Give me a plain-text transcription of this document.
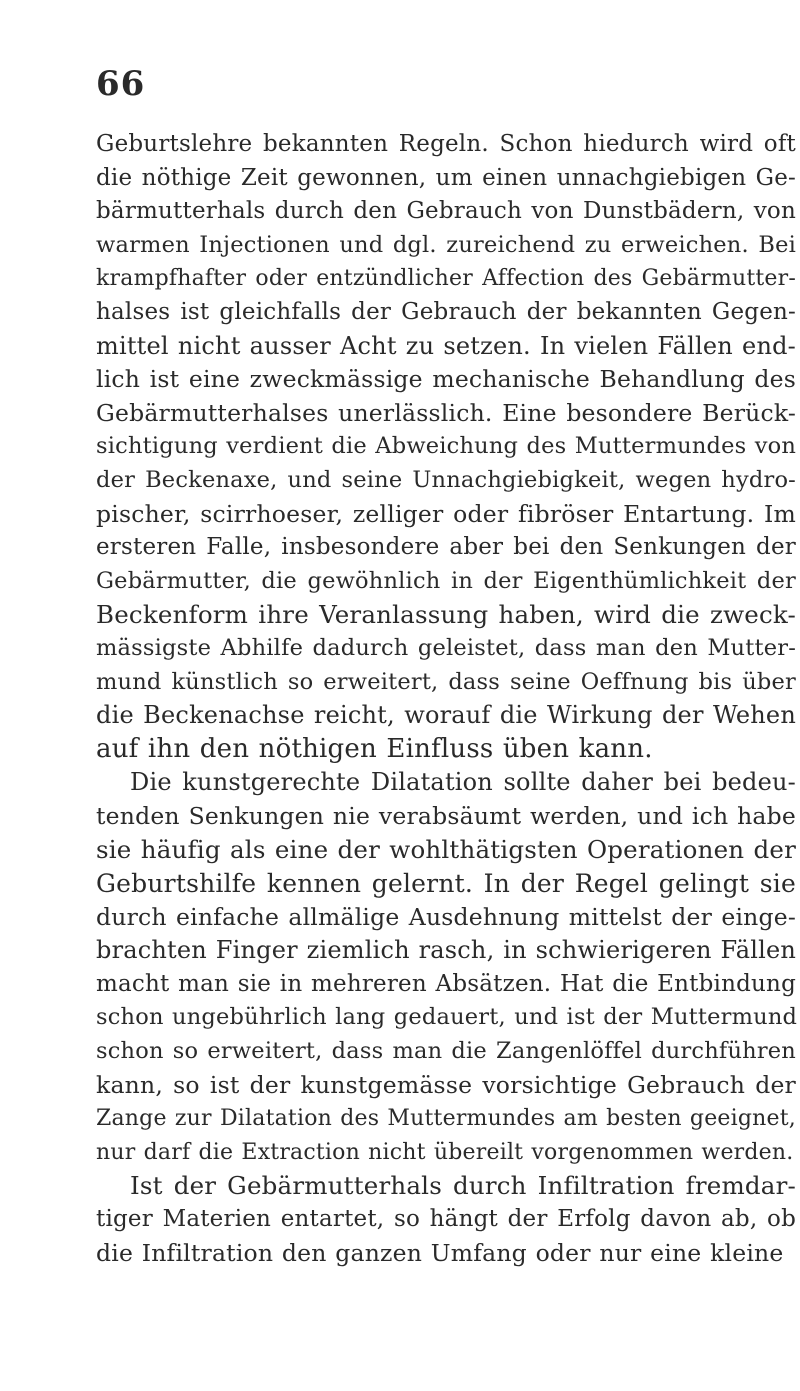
66
Geburtslehre bekannten Regeln. Schon hiedurch wird oft
die nöthige Zeit gewonnen, um einen unnachgiebigen Ge-
bärmutterhals durch den Gebrauch von Dunstbädern, von
warmen Injectionen und dgl. zureichend zu erweichen. Bei
krampfhafter oder entzündlicher Affection des Gebärmutter-
halses ist gleichfalls der Gebrauch der bekannten Gegen-
mittel nicht ausser Acht zu setzen. In vielen Fällen end-
lich ist eine zweckmässige mechanische Behandlung des
Gebärmutterhalses unerlässlich. Eine besondere Berück-
sichtigung verdient die Abweichung des Muttermundes von
der Beckenaxe, und seine Unnachgiebigkeit, wegen hydro-
pischer, scirrhoeser, zelliger oder fibröser Entartung. Im
ersteren Falle, insbesondere aber bei den Senkungen der
Gebärmutter, die gewöhnlich in der Eigenthümlichkeit der
Beckenform ihre Veranlassung haben, wird die zweck-
mässigste Abhilfe dadurch geleistet, dass man den Mutter-
mund künstlich so erweitert, dass seine Oeffnung bis über
die Beckenachse reicht, worauf die Wirkung der Wehen
auf ihn den nöthigen Einfluss üben kann.
Die kunstgerechte Dilatation sollte daher bei bedeu-
tenden Senkungen nie verabsäumt werden, und ich habe
sie häufig als eine der wohlthätigsten Operationen der
Geburtshilfe kennen gelernt. In der Regel gelingt sie
durch einfache allmälige Ausdehnung mittelst der einge-
brachten Finger ziemlich rasch, in schwierigeren Fällen
macht man sie in mehreren Absätzen. Hat die Entbindung
schon ungebührlich lang gedauert, und ist der Muttermund
schon so erweitert, dass man die Zangenlöffel durchführen
kann, so ist der kunstgemässe vorsichtige Gebrauch der
Zange zur Dilatation des Muttermundes am besten geeignet,
nur darf die Extraction nicht übereilt vorgenommen werden.
Ist der Gebärmutterhals durch Infiltration fremdar-
tiger Materien entartet, so hängt der Erfolg davon ab, ob
die Infiltration den ganzen Umfang oder nur eine kleine
